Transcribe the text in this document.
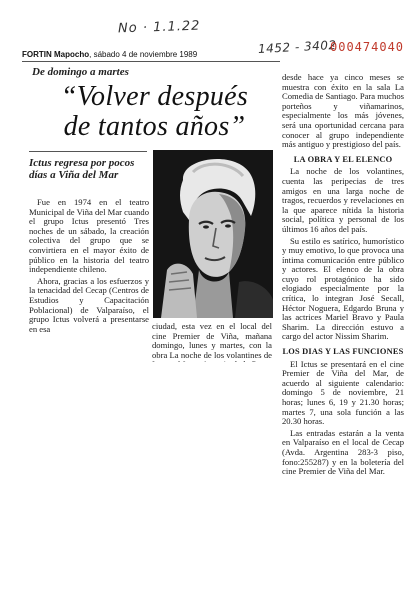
No · 1.1.22
1452 - 3402
000474040
FORTIN Mapocho, sábado 4 de noviembre 1989
De domingo a martes
“Volver después
de tantos años”
Ictus regresa por pocos días a Viña del Mar

Fue en 1974 en el teatro Municipal de Viña del Mar cuando el grupo Ictus presentó Tres noches de un sábado, la creación colectiva del grupo que se convirtiera en el mayor éxito de público en la historia del teatro independiente chileno.

Ahora, gracias a los esfuerzos y la tenacidad del Cecap (Centros de Estudios y Capacitación Poblacional) de Valparaíso, el grupo Ictus volverá a presentarse en esa	ciudad, esta vez en el local del cine Premier de Viña, mañana domingo, lunes y martes, con la obra La noche de los volantines de

desde hace ya cinco meses se muestra con éxito en la sala La Comedia de Santiago. Para muchos porteños y viñamarinos, especialmente los más jóvenes, será una oportunidad cercana para conocer al grupo independiente más antiguo y prestigioso del país.

LA OBRA Y EL ELENCO

La noche de los volantines, cuenta las peripecias de tres amigos en una larga noche de tragos, recuerdos y revelaciones en la que aparece nítida la historia social, política y personal de los últimos 16 años del país.

Su estilo es satírico, humorístico y muy emotivo, lo que provoca una íntima comunicación entre público y actores. El elenco de la obra cuyo rol protagónico ha sido elogiado especialmente por la crítica, lo integran José Secall, Héctor Noguera, Edgardo Bruna y las actrices Mariel Bravo y Paula Sharim. La dirección estuvo a cargo del actor Nissim Sharim.

LOS DIAS Y LAS FUNCIONES

El Ictus se presentará en el cine Premier de Viña del Mar, de acuerdo al siguiente calendario: domingo 5 de noviembre, 21 horas; lunes 6, 19 y 21.30 horas; martes 7, una sola función a las 20.30 horas.

Las entradas estarán a la venta en Valparaíso en el local de Cecap (Avda. Argentina 283-3 piso, fono:255287) y en la boletería del cine Premier de Viña del Mar.
